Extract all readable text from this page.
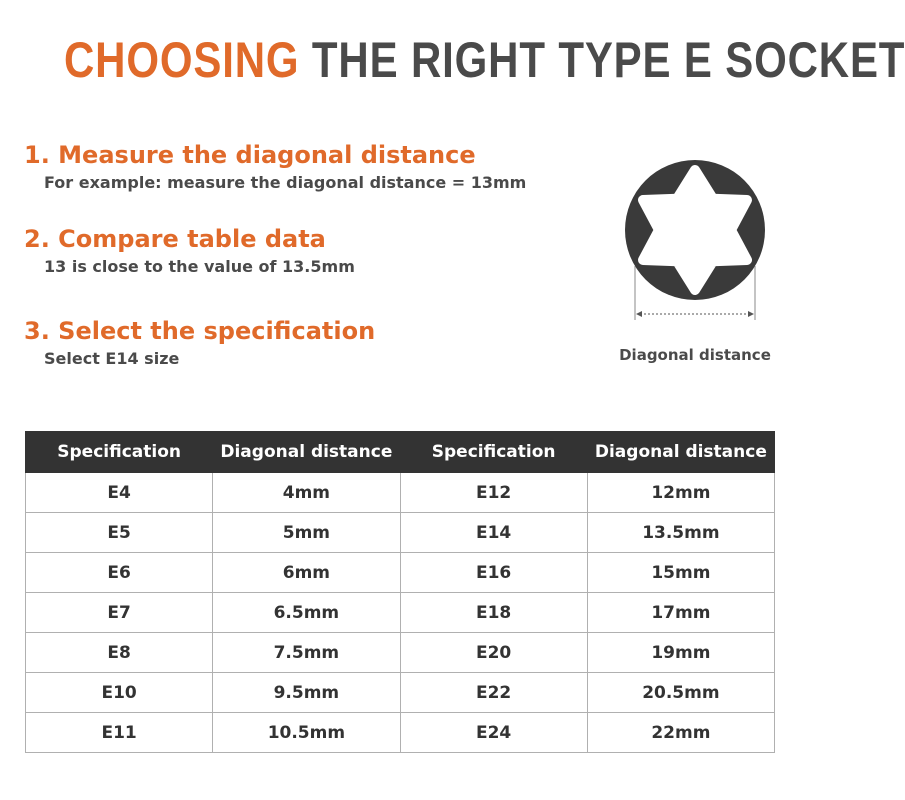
CHOOSING THE RIGHT TYPE E SOCKET
1. Measure the diagonal distance
For example: measure the diagonal distance = 13mm
2. Compare table data
13 is close to the value of 13.5mm
3. Select the specification
Select E14 size	Diagonal distance
Specification	Diagonal distance	Specification	Diagonal distance
E4	4mm	E12	12mm
E5	5mm	E14	13.5mm
E6	6mm	E16	15mm
E7	6.5mm	E18	17mm
E8	7.5mm	E20	19mm
E10	9.5mm	E22	20.5mm
E11	10.5mm	E24	22mm
